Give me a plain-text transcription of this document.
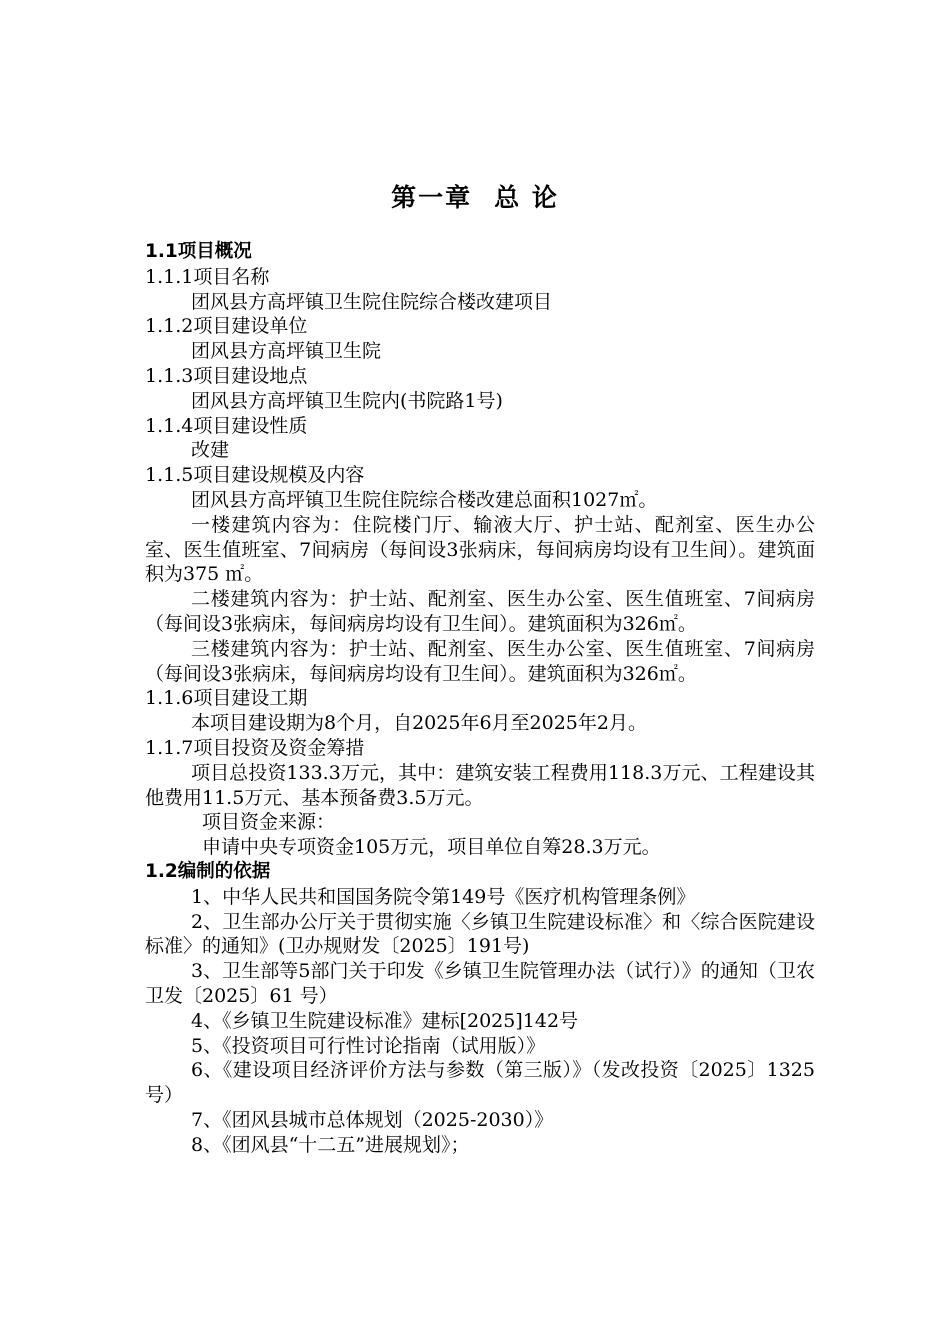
第一章 总 论
1.1项目概况
1.1.1项目名称
团风县方高坪镇卫生院住院综合楼改建项目
1.1.2项目建设单位
团风县方高坪镇卫生院
1.1.3项目建设地点
团风县方高坪镇卫生院内(书院路1号)
1.1.4项目建设性质
改建
1.1.5项目建设规模及内容
团风县方高坪镇卫生院住院综合楼改建总面积1027㎡。
一楼建筑内容为：住院楼门厅、输液大厅、护士站、配剂室、医生办公室、医生值班室、7间病房（每间设3张病床，每间病房均设有卫生间）。建筑面积为375 ㎡。
二楼建筑内容为：护士站、配剂室、医生办公室、医生值班室、7间病房（每间设3张病床，每间病房均设有卫生间）。建筑面积为326㎡。
三楼建筑内容为：护士站、配剂室、医生办公室、医生值班室、7间病房（每间设3张病床，每间病房均设有卫生间）。建筑面积为326㎡。
1.1.6项目建设工期
本项目建设期为8个月，自2025年6月至2025年2月。
1.1.7项目投资及资金筹措
项目总投资133.3万元，其中：建筑安装工程费用118.3万元、工程建设其他费用11.5万元、基本预备费3.5万元。
项目资金来源：
申请中央专项资金105万元，项目单位自筹28.3万元。
1.2编制的依据
1、中华人民共和国国务院令第149号《医疗机构管理条例》
2、卫生部办公厅关于贯彻实施〈乡镇卫生院建设标准〉和〈综合医院建设标准〉的通知》(卫办规财发〔2025〕191号)
3、卫生部等5部门关于印发《乡镇卫生院管理办法（试行）》的通知（卫农卫发〔2025〕61 号）
4、《乡镇卫生院建设标准》建标[2025]142号
5、《投资项目可行性讨论指南（试用版）》
6、《建设项目经济评价方法与参数（第三版）》（发改投资〔2025〕1325号）
7、《团风县城市总体规划（2025-2030）》
8、《团风县“十二五”进展规划》；
